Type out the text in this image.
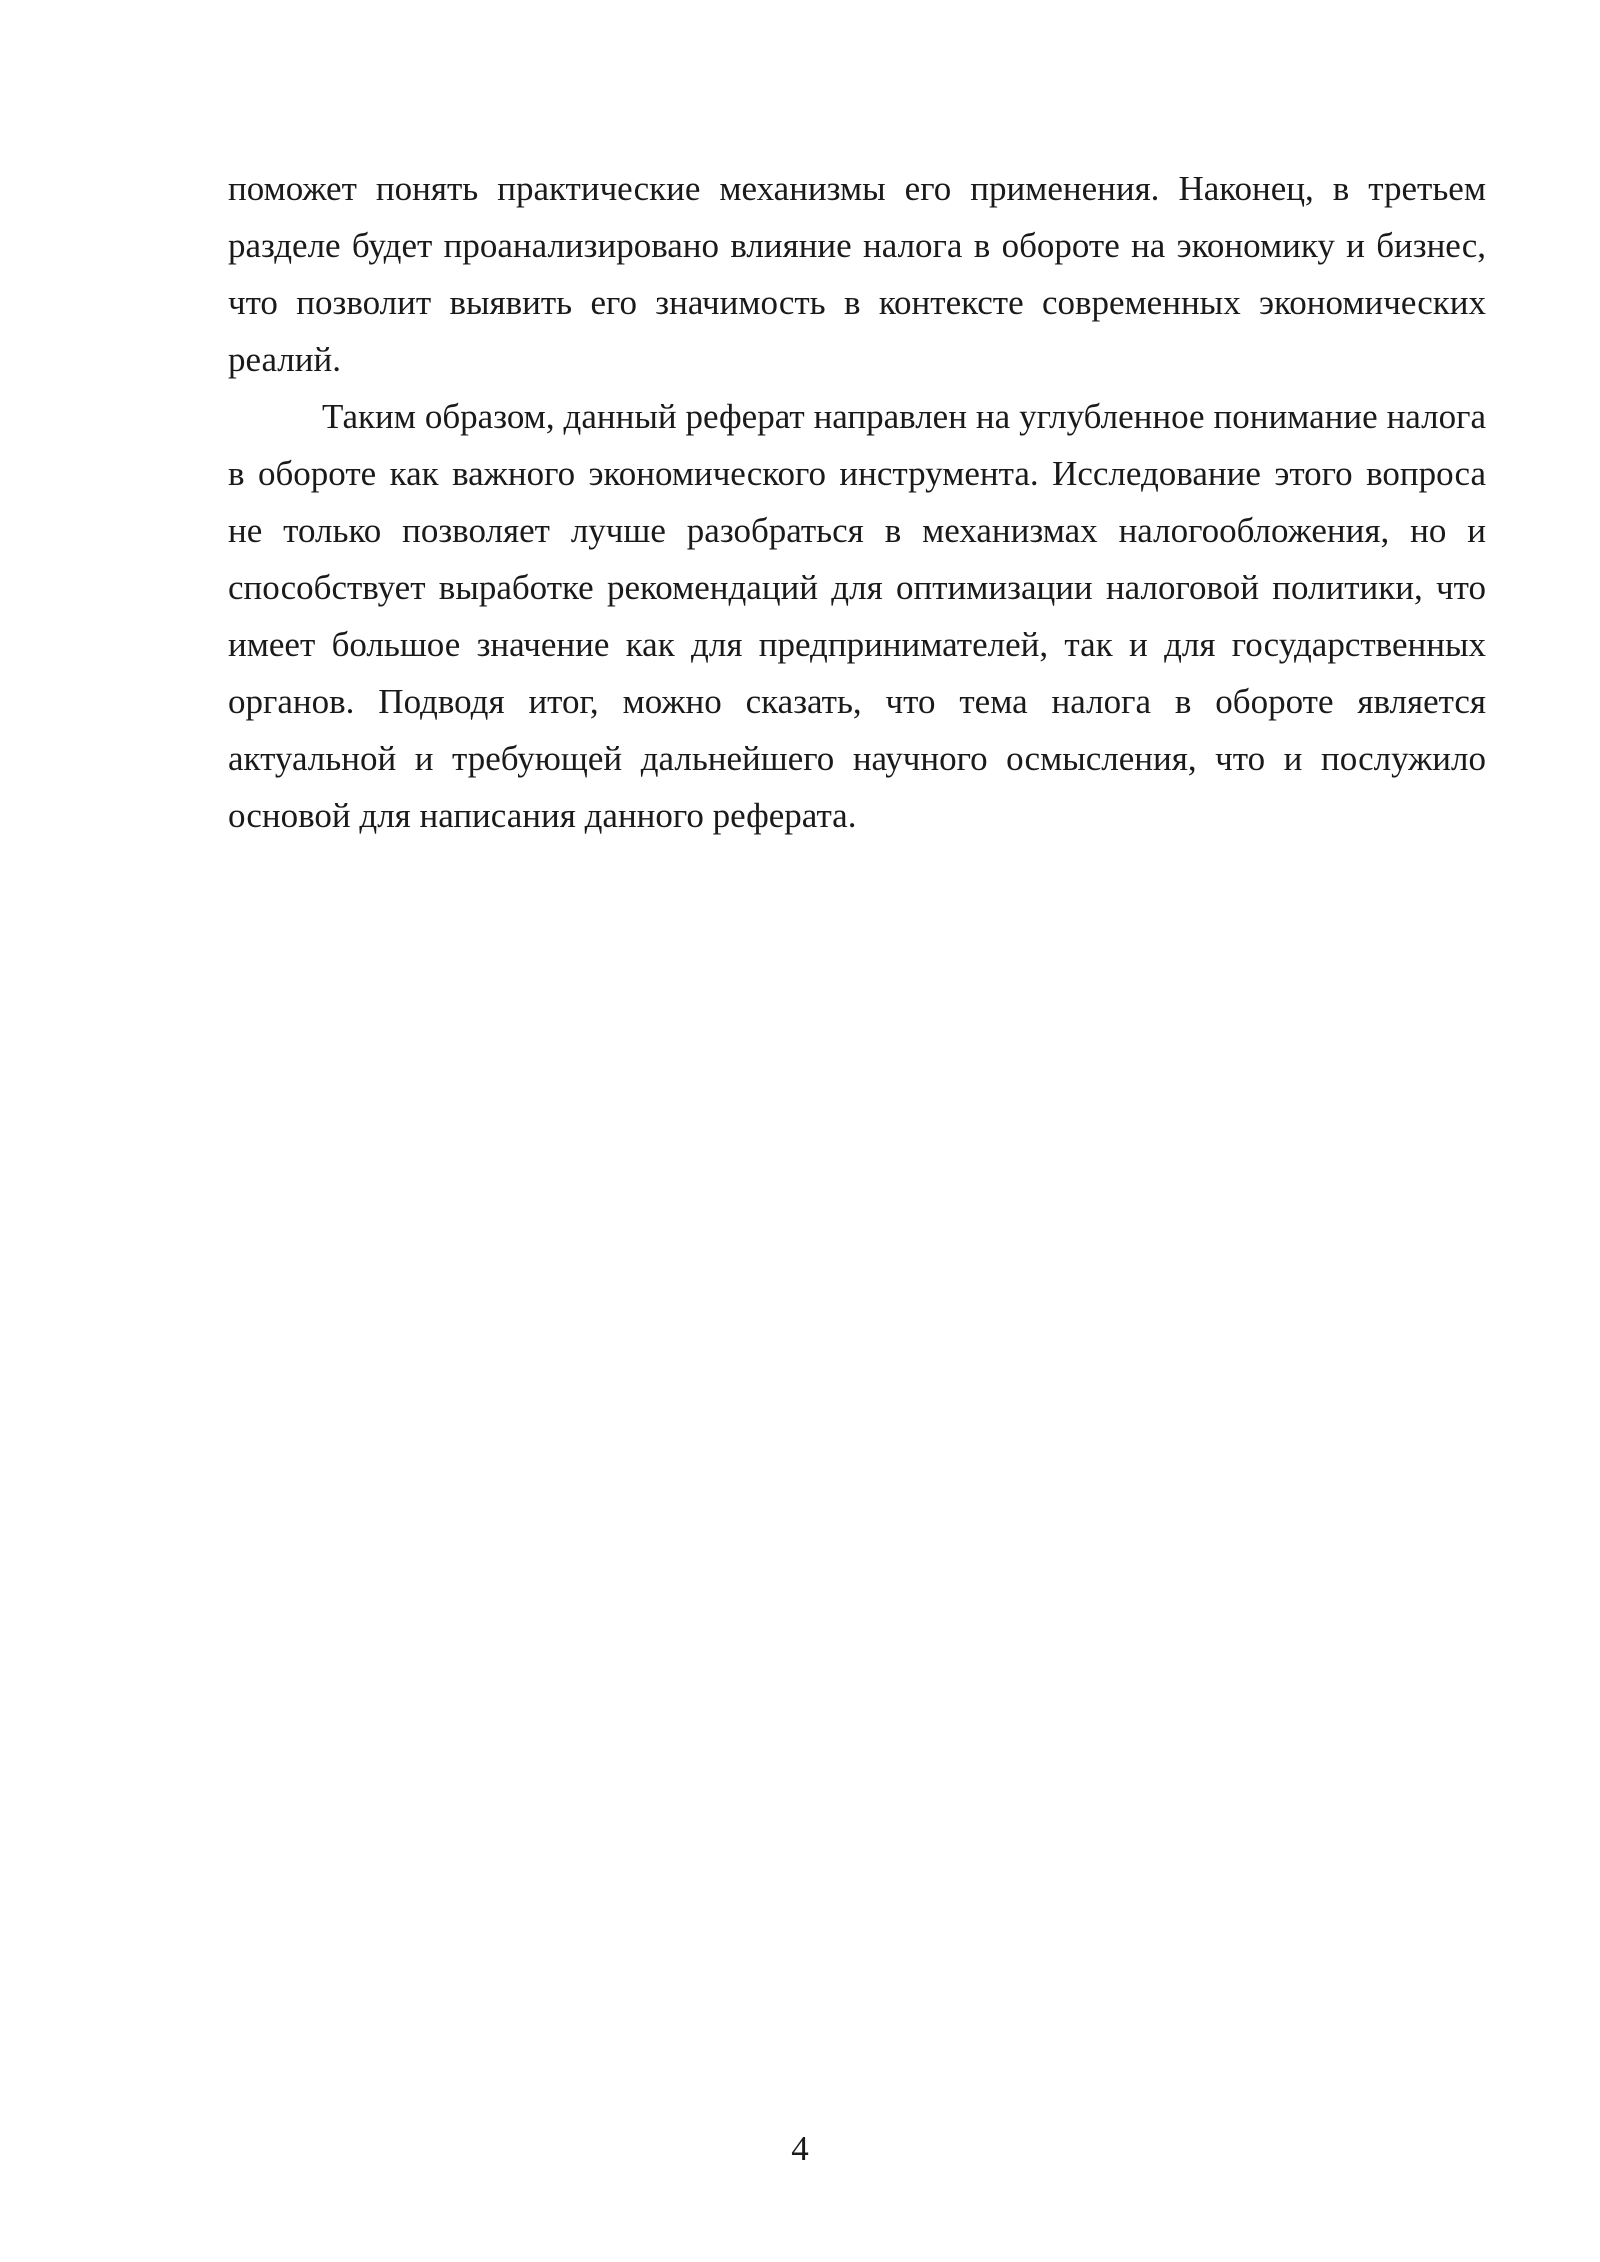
поможет понять практические механизмы его применения. Наконец, в третьем разделе будет проанализировано влияние налога в обороте на экономику и бизнес, что позволит выявить его значимость в контексте современных экономических реалий.

Таким образом, данный реферат направлен на углубленное понимание налога в обороте как важного экономического инструмента. Исследование этого вопроса не только позволяет лучше разобраться в механизмах налогообложения, но и способствует выработке рекомендаций для оптимизации налоговой политики, что имеет большое значение как для предпринимателей, так и для государственных органов. Подводя итог, можно сказать, что тема налога в обороте является актуальной и требующей дальнейшего научного осмысления, что и послужило основой для написания данного реферата.

4
